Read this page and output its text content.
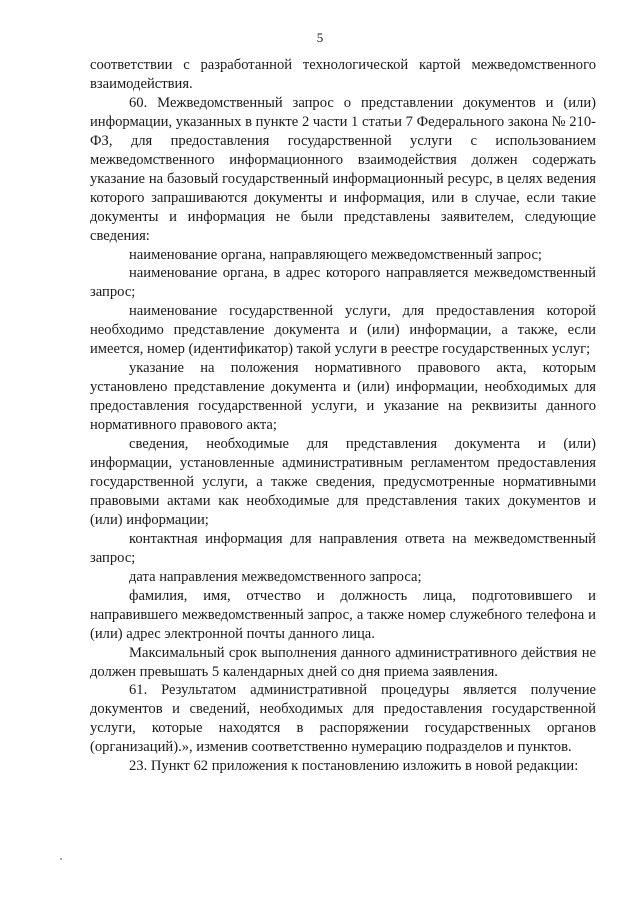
5

соответствии с разработанной технологической картой межведомственного взаимодействия.

60. Межведомственный запрос о представлении документов и (или) информации, указанных в пункте 2 части 1 статьи 7 Федерального закона № 210-ФЗ, для предоставления государственной услуги с использованием межведомственного информационного взаимодействия должен содержать указание на базовый государственный информационный ресурс, в целях ведения которого запрашиваются документы и информация, или в случае, если такие документы и информация не были представлены заявителем, следующие сведения:

наименование органа, направляющего межведомственный запрос;

наименование органа, в адрес которого направляется межведомственный запрос;

наименование государственной услуги, для предоставления которой необходимо представление документа и (или) информации, а также, если имеется, номер (идентификатор) такой услуги в реестре государственных услуг;

указание на положения нормативного правового акта, которым установлено представление документа и (или) информации, необходимых для предоставления государственной услуги, и указание на реквизиты данного нормативного правового акта;

сведения, необходимые для представления документа и (или) информации, установленные административным регламентом предоставления государственной услуги, а также сведения, предусмотренные нормативными правовыми актами как необходимые для представления таких документов и (или) информации;

контактная информация для направления ответа на межведомственный запрос;

дата направления межведомственного запроса;

фамилия, имя, отчество и должность лица, подготовившего и направившего межведомственный запрос, а также номер служебного телефона и (или) адрес электронной почты данного лица.

Максимальный срок выполнения данного административного действия не должен превышать 5 календарных дней со дня приема заявления.

61. Результатом административной процедуры является получение документов и сведений, необходимых для предоставления государственной услуги, которые находятся в распоряжении государственных органов (организаций).», изменив соответственно нумерацию подразделов и пунктов.

23. Пункт 62 приложения к постановлению изложить в новой редакции:
